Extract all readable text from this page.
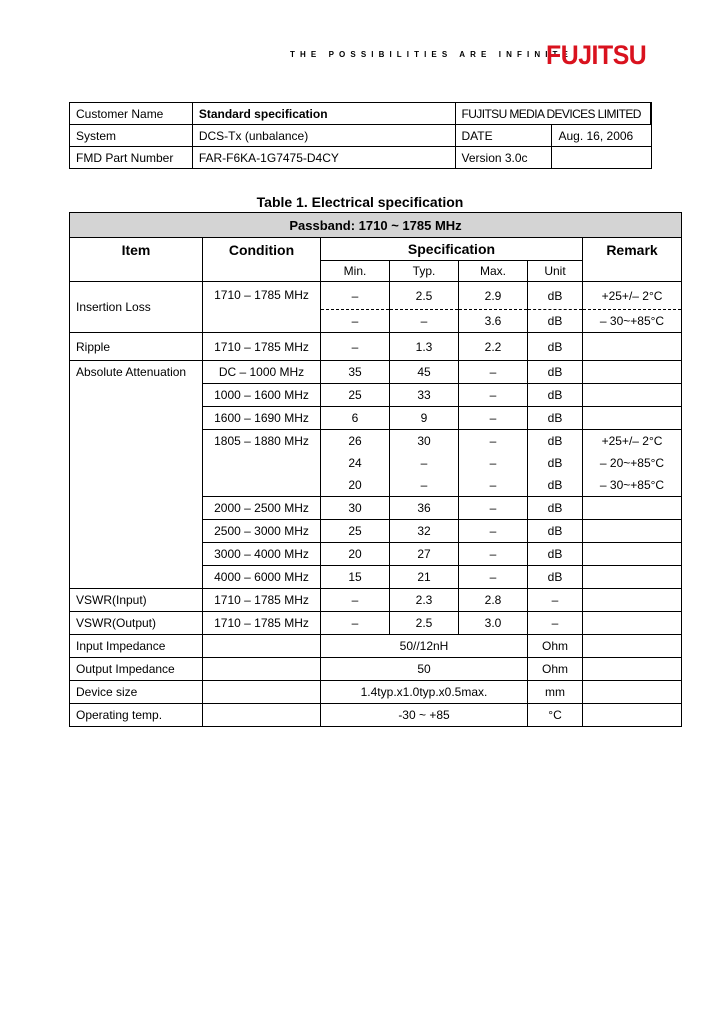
THE POSSIBILITIES ARE INFINITE
FUJITSU
Customer Name	Standard specification	FUJITSU MEDIA DEVICES LIMITED	
System	DCS-Tx (unbalance)	DATE	Aug. 16, 2006
FMD Part Number	FAR-F6KA-1G7475-D4CY	Version 3.0c	
Table 1. Electrical specification
Passband: 1710 ~ 1785 MHz						
Item	Condition	Specification				Remark
		Min.	Typ.	Max.	Unit	
Insertion Loss	1710 – 1785 MHz	–	2.5	2.9	dB	+25+/– 2°C
		–	–	3.6	dB	– 30~+85°C
Ripple	1710 – 1785 MHz	–	1.3	2.2	dB	
Absolute Attenuation	DC – 1000 MHz	35	45	–	dB	
	1000 – 1600 MHz	25	33	–	dB	
	1600 – 1690 MHz	6	9	–	dB	
	1805 – 1880 MHz	26	30	–	dB	+25+/– 2°C
		24	–	–	dB	– 20~+85°C
		20	–	–	dB	– 30~+85°C
	2000 – 2500 MHz	30	36	–	dB	
	2500 – 3000 MHz	25	32	–	dB	
	3000 – 4000 MHz	20	27	–	dB	
	4000 – 6000 MHz	15	21	–	dB	
VSWR(Input)	1710 – 1785 MHz	–	2.3	2.8	–	
VSWR(Output)	1710 – 1785 MHz	–	2.5	3.0	–	
Input Impedance		50//12nH			Ohm	
Output Impedance		50			Ohm	
Device size		1.4typ.x1.0typ.x0.5max.			mm	
Operating temp.		-30 ~ +85			°C	
